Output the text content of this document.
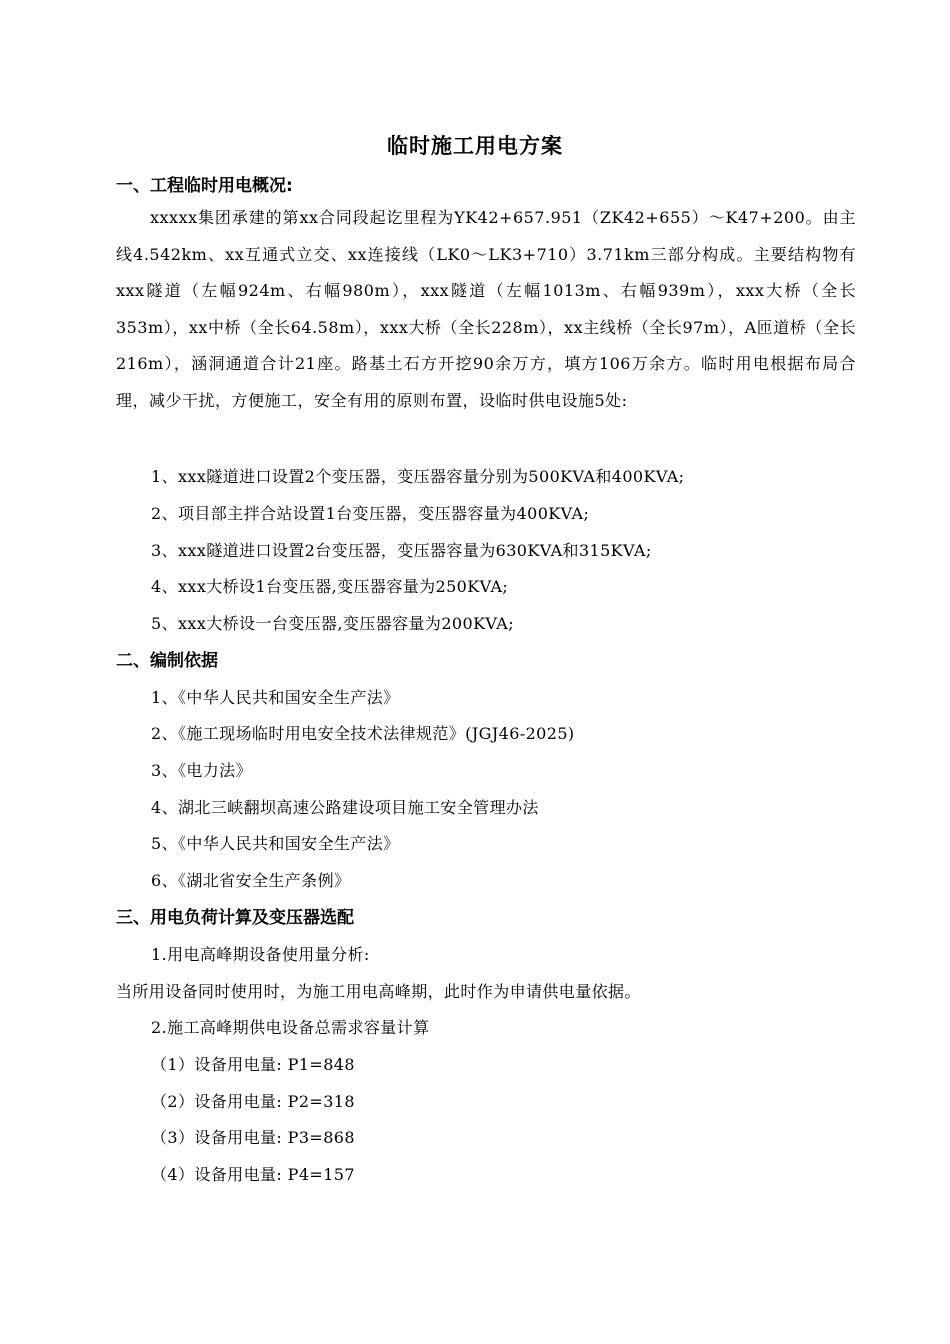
临时施工用电方案
一、工程临时用电概况:
xxxxx集团承建的第xx合同段起讫里程为YK42+657.951（ZK42+655）～K47+200。由主线4.542km、xx互通式立交、xx连接线（LK0～LK3+710）3.71km三部分构成。主要结构物有xxx隧道（左幅924m、右幅980m），xxx隧道（左幅1013m、右幅939m），xxx大桥（全长353m），xx中桥（全长64.58m），xxx大桥（全长228m），xx主线桥（全长97m），A匝道桥（全长216m），涵洞通道合计21座。路基土石方开挖90余万方，填方106万余方。临时用电根据布局合理，减少干扰，方便施工，安全有用的原则布置，设临时供电设施5处:
1、xxx隧道进口设置2个变压器，变压器容量分别为500KVA和400KVA;
2、项目部主拌合站设置1台变压器，变压器容量为400KVA;
3、xxx隧道进口设置2台变压器，变压器容量为630KVA和315KVA;
4、xxx大桥设1台变压器,变压器容量为250KVA;
5、xxx大桥设一台变压器,变压器容量为200KVA;
二、编制依据
1、《中华人民共和国安全生产法》
2、《施工现场临时用电安全技术法律规范》(JGJ46-2025)
3、《电力法》
4、湖北三峡翻坝高速公路建设项目施工安全管理办法
5、《中华人民共和国安全生产法》
6、《湖北省安全生产条例》
三、用电负荷计算及变压器选配
1.用电高峰期设备使用量分析:
当所用设备同时使用时，为施工用电高峰期，此时作为申请供电量依据。
2.施工高峰期供电设备总需求容量计算
（1）设备用电量: P1=848
（2）设备用电量: P2=318
（3）设备用电量: P3=868
（4）设备用电量: P4=157
